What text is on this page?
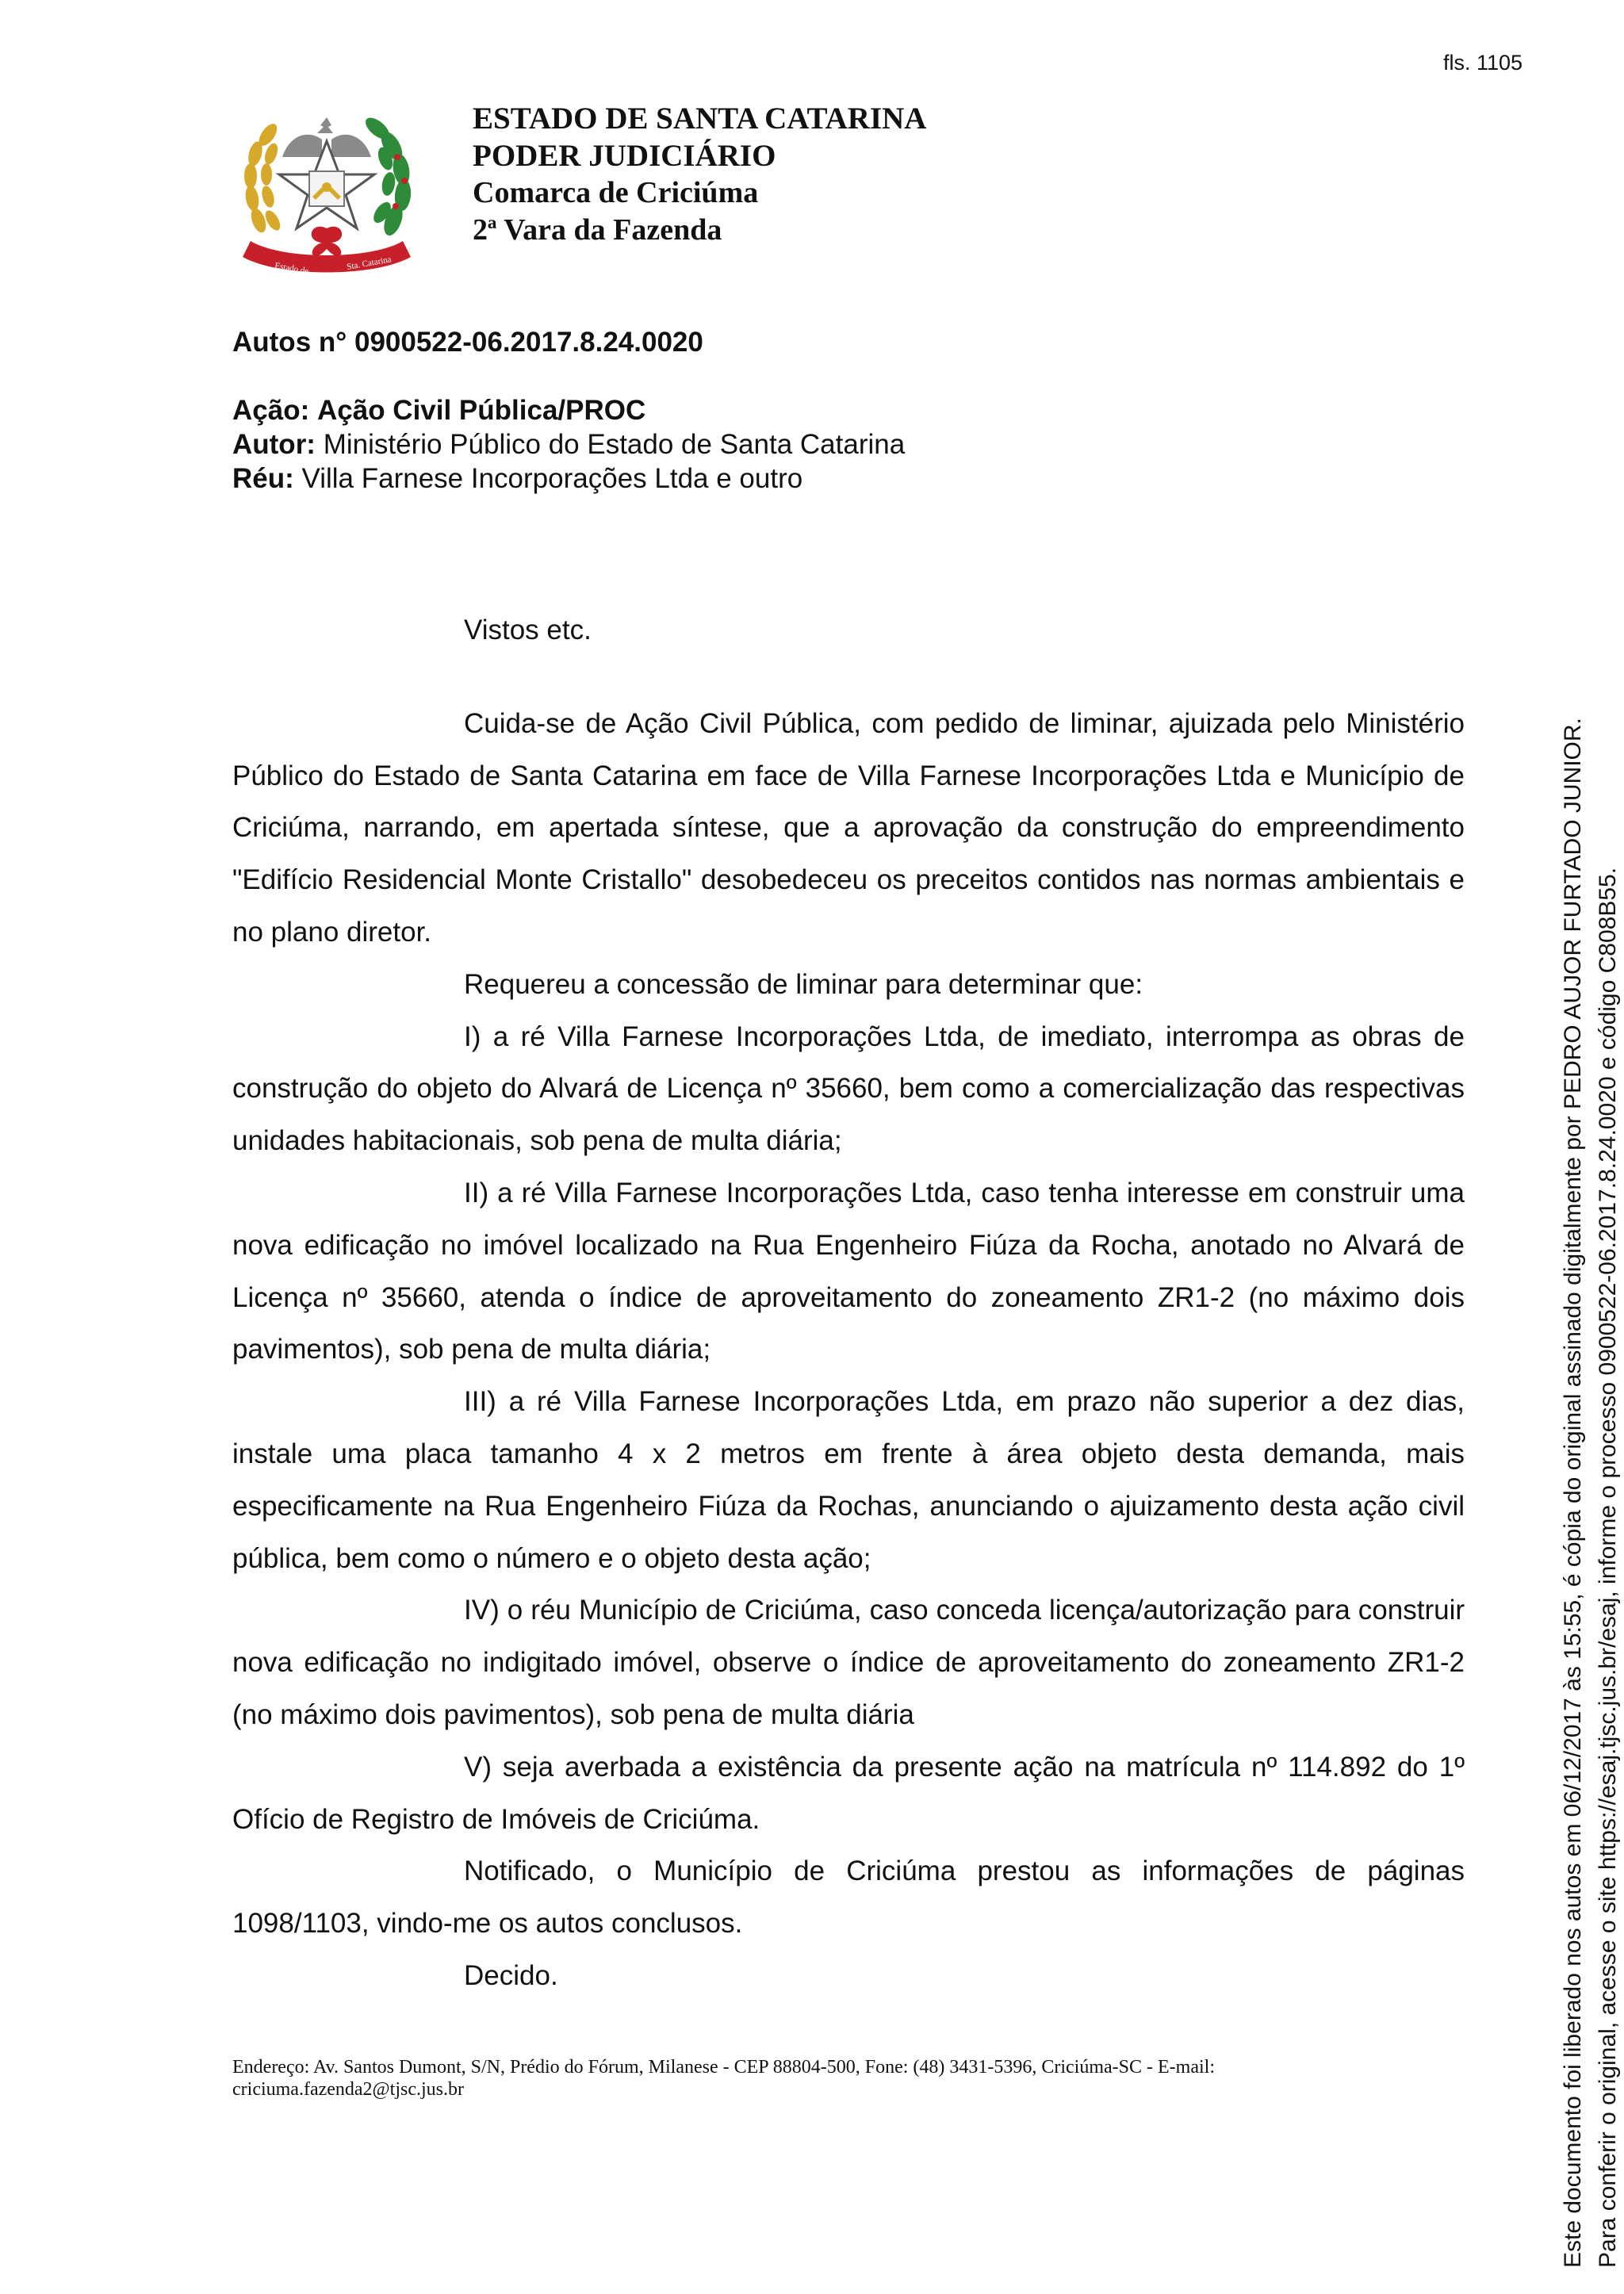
fls. 1105
Estado de	Sta. Catarina
ESTADO DE SANTA CATARINA
PODER JUDICIÁRIO
Comarca de Criciúma
2ª Vara da Fazenda
Autos n° 0900522-06.2017.8.24.0020
Ação: Ação Civil Pública/PROC
Autor: Ministério Público do Estado de Santa Catarina
Réu: Villa Farnese Incorporações Ltda e outro

Vistos etc.

Cuida-se de Ação Civil Pública, com pedido de liminar, ajuizada pelo Ministério Público do Estado de Santa Catarina em face de Villa Farnese Incorporações Ltda e Município de Criciúma, narrando, em apertada síntese, que a aprovação da construção do empreendimento "Edifício Residencial Monte Cristallo" desobedeceu os preceitos contidos nas normas ambientais e no plano diretor.

Requereu a concessão de liminar para determinar que:

I) a ré Villa Farnese Incorporações Ltda, de imediato, interrompa as obras de construção do objeto do Alvará de Licença nº 35660, bem como a comercialização das respectivas unidades habitacionais, sob pena de multa diária;

II) a ré Villa Farnese Incorporações Ltda, caso tenha interesse em construir uma nova edificação no imóvel localizado na Rua Engenheiro Fiúza da Rocha, anotado no Alvará de Licença nº 35660, atenda o índice de aproveitamento do zoneamento ZR1-2 (no máximo dois pavimentos), sob pena de multa diária;

III) a ré Villa Farnese Incorporações Ltda, em prazo não superior a dez dias, instale uma placa tamanho 4 x 2 metros em frente à área objeto desta demanda, mais especificamente na Rua Engenheiro Fiúza da Rochas, anunciando o ajuizamento desta ação civil pública, bem como o número e o objeto desta ação;

IV) o réu Município de Criciúma, caso conceda licença/autorização para construir nova edificação no indigitado imóvel, observe o índice de aproveitamento do zoneamento ZR1-2 (no máximo dois pavimentos), sob pena de multa diária

V) seja averbada a existência da presente ação na matrícula nº 114.892 do 1º Ofício de Registro de Imóveis de Criciúma.

Notificado, o Município de Criciúma prestou as informações de páginas 1098/1103, vindo-me os autos conclusos.

Decido.

Endereço: Av. Santos Dumont, S/N, Prédio do Fórum, Milanese - CEP 88804-500, Fone: (48) 3431-5396, Criciúma-SC - E-mail:
criciuma.fazenda2@tjsc.jus.br	Este documento foi liberado nos autos em 06/12/2017 às 15:55, é cópia do original assinado digitalmente por PEDRO AUJOR FURTADO JUNIOR. Para conferir o original, acesse o site https://esaj.tjsc.jus.br/esaj, informe o processo 0900522-06.2017.8.24.0020 e código C808B55.
